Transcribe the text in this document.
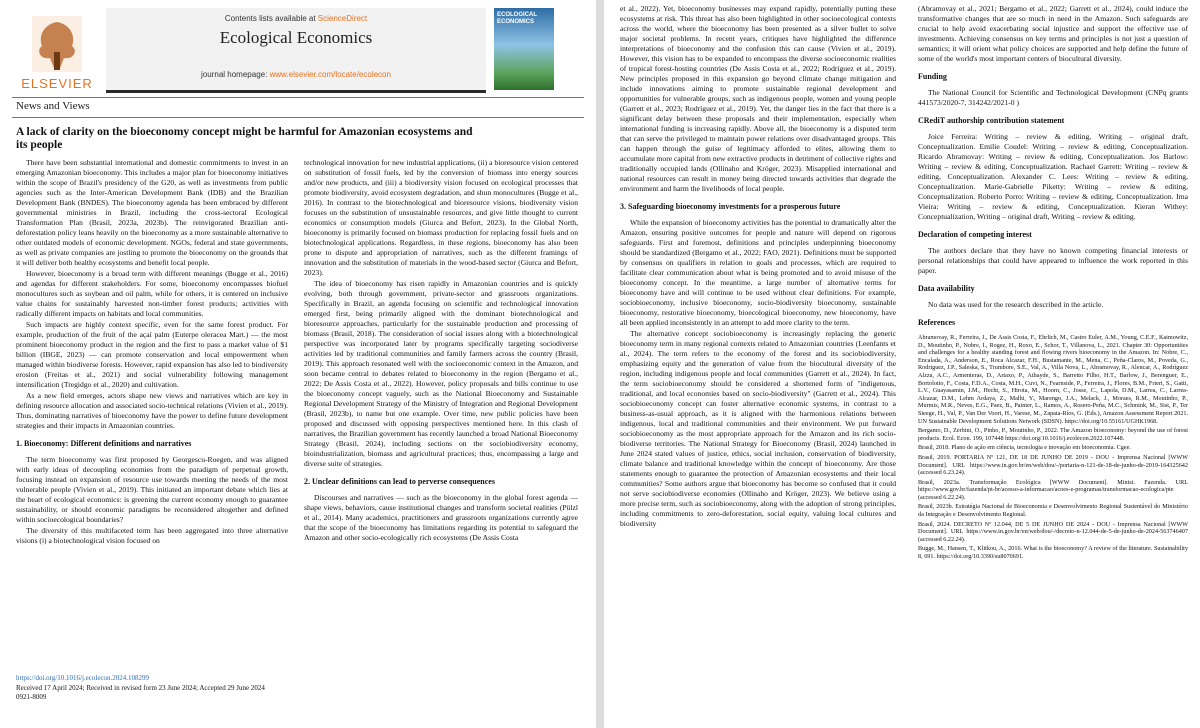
ELSEVIER
Contents lists available at ScienceDirect
Ecological Economics
journal homepage: www.elsevier.com/locate/ecolecon
ECOLOGICAL ECONOMICS
News and Views
A lack of clarity on the bioeconomy concept might be harmful for Amazonian ecosystems and its people

There have been substantial international and domestic commitments to invest in an emerging Amazonian bioeconomy. This includes a major plan for bioeconomy initiatives within the scope of Brazil's presidency of the G20, as well as investments from public agencies such as the Inter-American Development Bank (IDB) and the Brazilian Development Bank (BNDES). The bioeconomy agenda has been embraced by different governmental ministries in Brazil, including the cross-sectoral Ecological Transformation Plan (Brasil, 2023a, 2023b). The reinvigorated Brazilian anti-deforestation policy leans heavily on the bioeconomy as a more sustainable alternative to other outdated models of economic development. NGOs, federal and state governments, as well as private companies are jostling to promote the bioeconomy on the grounds that it will deliver both healthy ecosystems and benefit local people.

However, bioeconomy is a broad term with different meanings (Bugge et al., 2016) and agendas for different stakeholders. For some, bioeconomy encompasses biofuel monocultures such as soybean and oil palm, while for others, it is centered on inclusive value chains for sustainably harvested non-timber forest products; activities with radically different impacts on habitats and local communities.

Such impacts are highly context specific, even for the same forest product. For example, production of the fruit of the açaí palm (Euterpe oleracea Mart.) — the most prominent bioeconomy product in the region and the first to pass a market value of $1 billion (IBGE, 2023) — can promote conservation and local empowerment when managed within biodiverse forests. However, rapid expansion has also led to biodiversity erosion (Freitas et al., 2021) and social vulnerability following management intensification (Tregidgo et al., 2020) and cultivation.

As a new field emerges, actors shape new views and narratives which are key in defining resource allocation and associated socio-technical relations (Vivien et al., 2019). Thus, dominating narratives of bioeconomy have the power to define future development strategies and their impacts in Amazonian countries.

1. Bioeconomy: Different definitions and narratives

The term bioeconomy was first proposed by Georgescu-Roegen, and was aligned with early ideas of decoupling economies from the paradigm of perpetual growth, focusing instead on expansion of resource use towards meeting the needs of the most vulnerable people (Vivien et al., 2019). This initiated an important debate which lies at the heart of ecological economics: is greening the current economy enough to guarantee sustainability, or should economic paradigms be reconsidered altogether and defined within socioecological boundaries?

The diversity of this multifaceted term has been aggregated into three alternative visions (i) a biotechnological vision focused on

technological innovation for new industrial applications, (ii) a bioresource vision centered on substitution of fossil fuels, led by the conversion of biomass into energy sources and/or new products, and (iii) a biodiversity vision focused on ecological processes that promote biodiversity, avoid ecosystem degradation, and shun monocultures (Bugge et al., 2016). In contrast to the biotechnological and bioresource visions, biodiversity vision focuses on the substitution of unsustainable resources, and give little thought to current economics or consumption models (Giurca and Befort, 2023). In the Global North, bioeconomy is primarily focused on biomass production for replacing fossil fuels and on biotechnological applications. Regardless, in these regions, bioeconomy has also been prone to dispute and appropriation of narratives, such as the different framings of innovation and the substitution of materials in the wood-based sector (Giurca and Befort, 2023).

The idea of bioeconomy has risen rapidly in Amazonian countries and is quickly evolving, both through government, private-sector and grassroots organizations. Specifically in Brazil, an agenda focusing on scientific and technological innovation emerged first, being primarily aligned with the dominant biotechnological and bioresource approaches, particularly for the sustainable production and processing of biomass (Brasil, 2018). The consideration of social issues along with a biotechnological perspective was incorporated later by programs specifically targeting sociodiverse activities led by traditional communities and family farmers across the country (Brasil, 2019). This approach resonated well with the socioeconomic context in the Amazon, and soon became central to debates related to bioeconomy in the region (Bergamo et al., 2022; De Assis Costa et al., 2022). However, policy proposals and bills continue to use the bioeconomy concept vaguely, such as the National Bioeconomy and Sustainable Regional Development Strategy of the Ministry of Integration and Regional Development (Brasil, 2023b), to name but one example. Over time, new public policies have been proposed and discussed with opposing perspectives mentioned here. In this clash of narratives, the Brazilian government has recently launched a broad National Bioeconomy Strategy (Brasil, 2024), including sections on the sociobiodiversity economy, bioindustrialization, biomass and agricultural practices; thus, encompassing a large and diverse suite of strategies.

2. Unclear definitions can lead to perverse consequences

Discourses and narratives — such as the bioeconomy in the global forest agenda — shape views, behaviors, cause institutional changes and transform societal realities (Pülzl et al., 2014). Many academics, practitioners and grassroots organizations currently agree that the scope of the bioeconomy has limitations regarding its potential to safeguard the Amazon and other socio-ecologically rich ecosystems (De Assis Costa

https://doi.org/10.1016/j.ecolecon.2024.108299
Received 17 April 2024; Received in revised form 23 June 2024; Accepted 29 June 2024
0921-8009

et al., 2022). Yet, bioeconomy businesses may expand rapidly, potentially putting these ecosystems at risk. This threat has also been highlighted in other socioecological contexts across the world, where the bioeconomy has been presented as a silver bullet to solve major societal problems. In recent years, critiques have highlighted the difference interpretations of bioeconomy and the confusion this can cause (Vivien et al., 2019). However, this vision has to be expanded to encompass the diverse socioeconomic realities of tropical forest-hosting countries (De Assis Costa et al., 2022; Rodríguez et al., 2019). New principles proposed in this expansion go beyond climate change mitigation and include innovations aiming to promote sustainable regional development and opportunities for vulnerable groups, such as indigenous people, women and young people (Garrett et al., 2023; Rodríguez et al., 2019). Yet, the danger lies in the fact that there is a significant delay between these proposals and their implementation, especially when international funding is increasing rapidly. Above all, the bioeconomy is a disputed term that can serve the privileged to maintain power relations over disadvantaged groups. This can happen through the guise of legitimacy afforded to elites, allowing them to accumulate more capital from new extractive products in detriment of collective rights and traditionally occupied lands (Ollinaho and Kröger, 2023). Misapplied international and national resources can result in money being directed towards activities that degrade the environment and harm the livelihoods of local people.

3. Safeguarding bioeconomy investments for a prosperous future

While the expansion of bioeconomy activities has the potential to dramatically alter the Amazon, ensuring positive outcomes for people and nature will depend on rigorous safeguards. First and foremost, definitions and principles underpinning bioeconomy should be standardized (Bergamo et al., 2022; FAO, 2021). Definitions must be supported by consensus on qualifiers in relation to goals and processes, which are required to facilitate clear communication about what is being promoted and to avoid misuse of the bioeconomy concept. In the meantime, a large number of alternative terms for bioeconomy have and will continue to be used without clear definitions. For example, sociobioeconomy, inclusive bioeconomy, socio-biodiversity bioeconomy, sustainable bioeconomy, restorative bioeconomy, bioecological bioeconomy, new bioeconomy, have all been applied inconsistently in an attempt to add more clarity to the term.

The alternative concept sociobioeconomy is increasingly replacing the generic bioeconomy term in many regional contexts related to Amazonian countries (Leenfants et al., 2024). The term refers to the economy of the forest and its sociobiodiversity, emphasizing equity and the generation of value from the biocultural diversity of the region, including indigenous people and local communities (Garrett et al., 2024). In fact, the term sociobioeconomy should be considered a shortened form of "indigenous, traditional, and local economies based on socio-biodiversity" (Garrett et al., 2024). This sociobioeconomy concept can foster alternative economic systems, in contrast to a business-as-usual approach, as it is aligned with the harmonious relations between indigenous, local and traditional communities and their environment. We put forward sociobioeconomy as the most appropriate approach for the Amazon and its rich socio-biodiverse territories. The National Strategy for Bioeconomy (Brasil, 2024) launched in June 2024 stated values of justice, ethics, social inclusion, conservation of biodiversity, climate balance and traditional knowledge within the concept of bioeconomy. Are those statements enough to guarantee the protection of Amazonian ecosystems and their local communities? Some authors argue that bioeconomy has become so confused that it could not serve sociobiodiverse economies (Ollinaho and Kröger, 2023). We believe using a more precise term, such as sociobioeconomy, along with the adoption of strong principles, including commitments to zero-deforestation, social equity, valuing local cultures and biodiversity

(Abramovay et al., 2021; Bergamo et al., 2022; Garrett et al., 2024), could induce the transformative changes that are so much in need in the Amazon. Such safeguards are crucial to help avoid exacerbating social injustice and support the effective use of investments. Achieving consensus on key terms and principles is not just a question of semantics; it will orient what policy choices are supported and help define the future of some of the world's most important centers of biocultural diversity.

Funding

The National Council for Scientific and Technological Development (CNPq grants 441573/2020-7, 314242/2021-0 )

CRediT authorship contribution statement

Joice Ferreira: Writing – review & editing, Writing – original draft, Conceptualization. Emilie Coudel: Writing – review & editing, Conceptualization. Ricardo Abramovay: Writing – review & editing, Conceptualization. Jos Barlow: Writing – review & editing, Conceptualization. Rachael Garrett: Writing – review & editing, Conceptualization. Alexander C. Lees: Writing – review & editing, Conceptualization. Marie-Gabrielle Piketty: Writing – review & editing, Conceptualization. Roberto Porro: Writing – review & editing, Conceptualization. Ima Vieira: Writing – review & editing, Conceptualization. Kieran Withey: Conceptualization, Writing – original draft, Writing – review & editing.

Declaration of competing interest

The authors declare that they have no known competing financial interests or personal relationships that could have appeared to influence the work reported in this paper.

Data availability

No data was used for the research described in the article.

References

Abramovay, R., Ferreira, J., De Assis Costa, F., Ehrlich, M., Castro Euler, A.M., Young, C.E.F., Kaimowitz, D., Moutinho, P., Nobre, I., Rogez, H., Roxo, E., Schor, T., Villanova, L., 2021. Chapter 30: Opportunities and challenges for a healthy standing forest and flowing rivers bioeconomy in the Amazon. In: Nobre, C., Encalada, A., Anderson, E., Roca Alcazar, F.H., Bustamante, M., Mena, C., Peña-Claros, M., Poveda, G., Rodriguez, J.P., Saleska, S., Trumbore, S.E., Val, A., Villa Nova, L., Abramovay, R., Alencar, A., Rodríguez Alzza, A.C., Armenteras, D., Artaxo, P., Athayde, S., Barretto Filho, H.T., Barlow, J., Berenguer, E., Bortolotto, F., Costa, F.D.A., Costa, M.H., Cuvi, N., Fearnside, P., Ferreira, J., Flores, B.M., Frieri, S., Gatti, L.V., Guayasamin, J.M., Hecht, S., Hirota, M., Hoorn, C., Josse, C., Lapola, D.M., Larrea, C., Larrea-Alcazar, D.M., Lehm Ardaya, Z., Malhi, Y., Marengo, J.A., Melack, J., Moraes, R.M., Moutinho, P., Murmis, M.R., Neves, E.G., Paez, B., Painter, L., Ramos, A., Rosero-Peña, M.C., Schmink, M., Sist, P., Ter Steege, H., Val, P., Van Der Voort, H., Varese, M., Zapata-Ríos, G. (Eds.), Amazon Assessment Report 2021. UN Sustainable Development Solutions Network (SDSN). https://doi.org/10.55161/UGHK1968.

Bergamo, D., Zerbini, O., Pinho, P., Moutinho, P., 2022. The Amazon bioeconomy: beyond the use of forest products. Ecol. Econ. 199, 107448 https://doi.org/10.1016/j.ecolecon.2022.107448.

Brasil, 2018. Plano de ação em ciência, tecnologia e inovação em bioeconomia. Cgee.

Brasil, 2019. PORTARIA Nº 121, DE 18 DE JUNHO DE 2019 - DOU - Imprensa Nacional [WWW Document]. URL https://www.in.gov.br/en/web/dou/-/portaria-n-121-de-18-de-junho-de-2019-164325642 (accessed 6.23.24).

Brasil, 2023a. Transformação Ecológica [WWW Document]. Minist. Fazenda. URL https://www.gov.br/fazenda/pt-br/acesso-a-informacao/acoes-e-programas/transformacao-ecologica/pte (accessed 6.22.24).

Brasil, 2023b. Estratégia Nacional de Bioeconomia e Desenvolvimento Regional Sustentável do Ministério da Integração e Desenvolvimento Regional.

Brasil, 2024. DECRETO Nº 12.044, DE 5 DE JUNHO DE 2024 - DOU - Imprensa Nacional [WWW Document]. URL https://www.in.gov.br/en/web/dou/-/decreto-n-12.044-de-5-de-junho-de-2024-563746407 (accessed 6.22.24).

Bugge, M., Hansen, T., Klitkou, A., 2016. What is the bioeconomy? A review of the literature. Sustainability 8, 691. https://doi.org/10.3390/su8070691.
